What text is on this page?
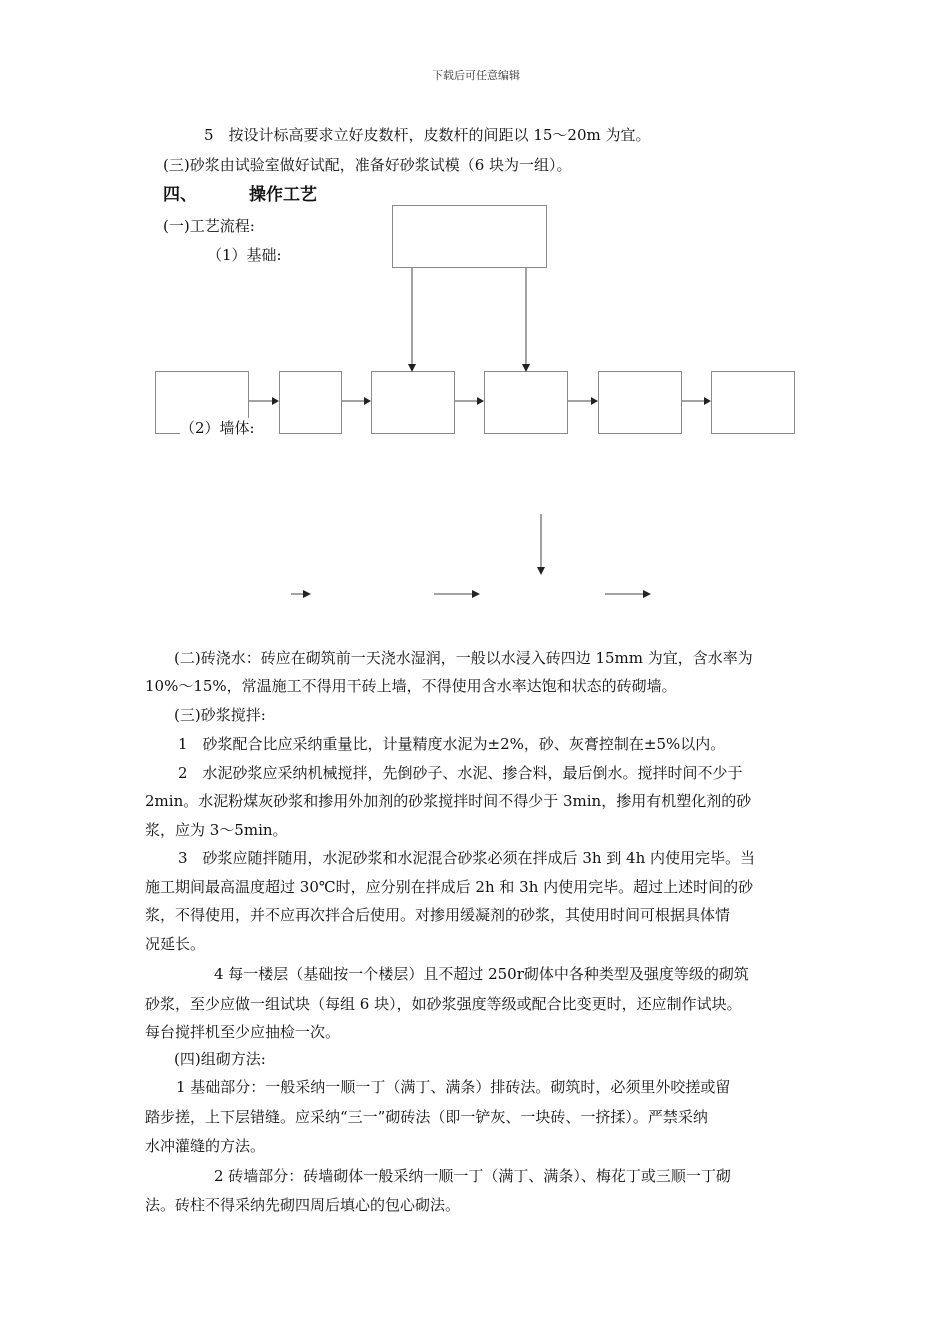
下载后可任意编辑
5　按设计标高要求立好皮数杆，皮数杆的间距以 15～20m 为宜。
(三)砂浆由试验室做好试配，准备好砂浆试模（6 块为一组）。
四、	操作工艺
(一)工艺流程:
（1）基础:
（2）墙体:
(二)砖浇水：砖应在砌筑前一天浇水湿润，一般以水浸入砖四边 15mm 为宜，含水率为
10%～15%，常温施工不得用干砖上墙，不得使用含水率达饱和状态的砖砌墙。
(三)砂浆搅拌:
1　砂浆配合比应采纳重量比，计量精度水泥为±2%，砂、灰膏控制在±5%以内。
2　水泥砂浆应采纳机械搅拌，先倒砂子、水泥、掺合料，最后倒水。搅拌时间不少于
2min。水泥粉煤灰砂浆和掺用外加剂的砂浆搅拌时间不得少于 3min，掺用有机塑化剂的砂
浆，应为 3～5min。
3　砂浆应随拌随用，水泥砂浆和水泥混合砂浆必须在拌成后 3h 到 4h 内使用完毕。当
施工期间最高温度超过 30℃时，应分别在拌成后 2h 和 3h 内使用完毕。超过上述时间的砂
浆，不得使用，并不应再次拌合后使用。对掺用缓凝剂的砂浆，其使用时间可根据具体情
况延长。
4 每一楼层（基础按一个楼层）且不超过 250r砌体中各种类型及强度等级的砌筑
砂浆，至少应做一组试块（每组 6 块），如砂浆强度等级或配合比变更时，还应制作试块。
每台搅拌机至少应抽检一次。
(四)组砌方法:
1 基础部分：一般采纳一顺一丁（满丁、满条）排砖法。砌筑时，必须里外咬搓或留
踏步搓，上下层错缝。应采纳“三一”砌砖法（即一铲灰、一块砖、一挤揉）。严禁采纳
水冲灌缝的方法。
2 砖墙部分：砖墙砌体一般采纳一顺一丁（满丁、满条）、梅花丁或三顺一丁砌
法。砖柱不得采纳先砌四周后填心的包心砌法。
